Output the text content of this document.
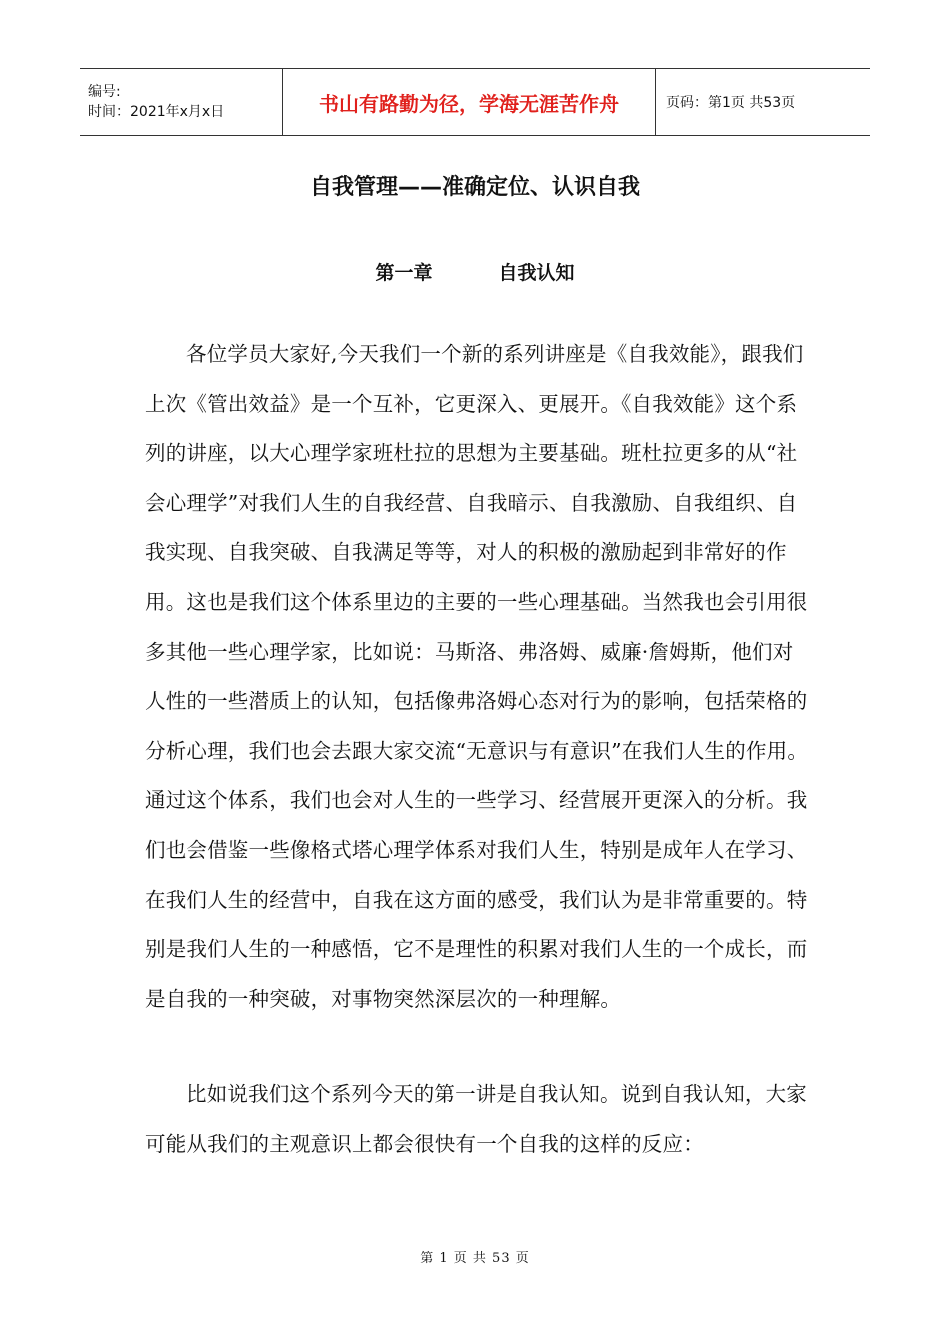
编号:
时间：2021年x月x日	书山有路勤为径，学海无涯苦作舟	页码：第1页 共53页
自我管理——准确定位、认识自我
第一章	自我认知

各位学员大家好,今天我们一个新的系列讲座是《自我效能》，跟我们上次《管出效益》是一个互补，它更深入、更展开。《自我效能》这个系列的讲座，以大心理学家班杜拉的思想为主要基础。班杜拉更多的从“社会心理学”对我们人生的自我经营、自我暗示、自我激励、自我组织、自我实现、自我突破、自我满足等等，对人的积极的激励起到非常好的作用。这也是我们这个体系里边的主要的一些心理基础。当然我也会引用很多其他一些心理学家，比如说：马斯洛、弗洛姆、威廉·詹姆斯，他们对人性的一些潜质上的认知，包括像弗洛姆心态对行为的影响，包括荣格的分析心理，我们也会去跟大家交流“无意识与有意识”在我们人生的作用。通过这个体系，我们也会对人生的一些学习、经营展开更深入的分析。我们也会借鉴一些像格式塔心理学体系对我们人生，特别是成年人在学习、在我们人生的经营中，自我在这方面的感受，我们认为是非常重要的。特别是我们人生的一种感悟，它不是理性的积累对我们人生的一个成长，而是自我的一种突破，对事物突然深层次的一种理解。

比如说我们这个系列今天的第一讲是自我认知。说到自我认知，大家可能从我们的主观意识上都会很快有一个自我的这样的反应：

第 1 页 共 53 页
